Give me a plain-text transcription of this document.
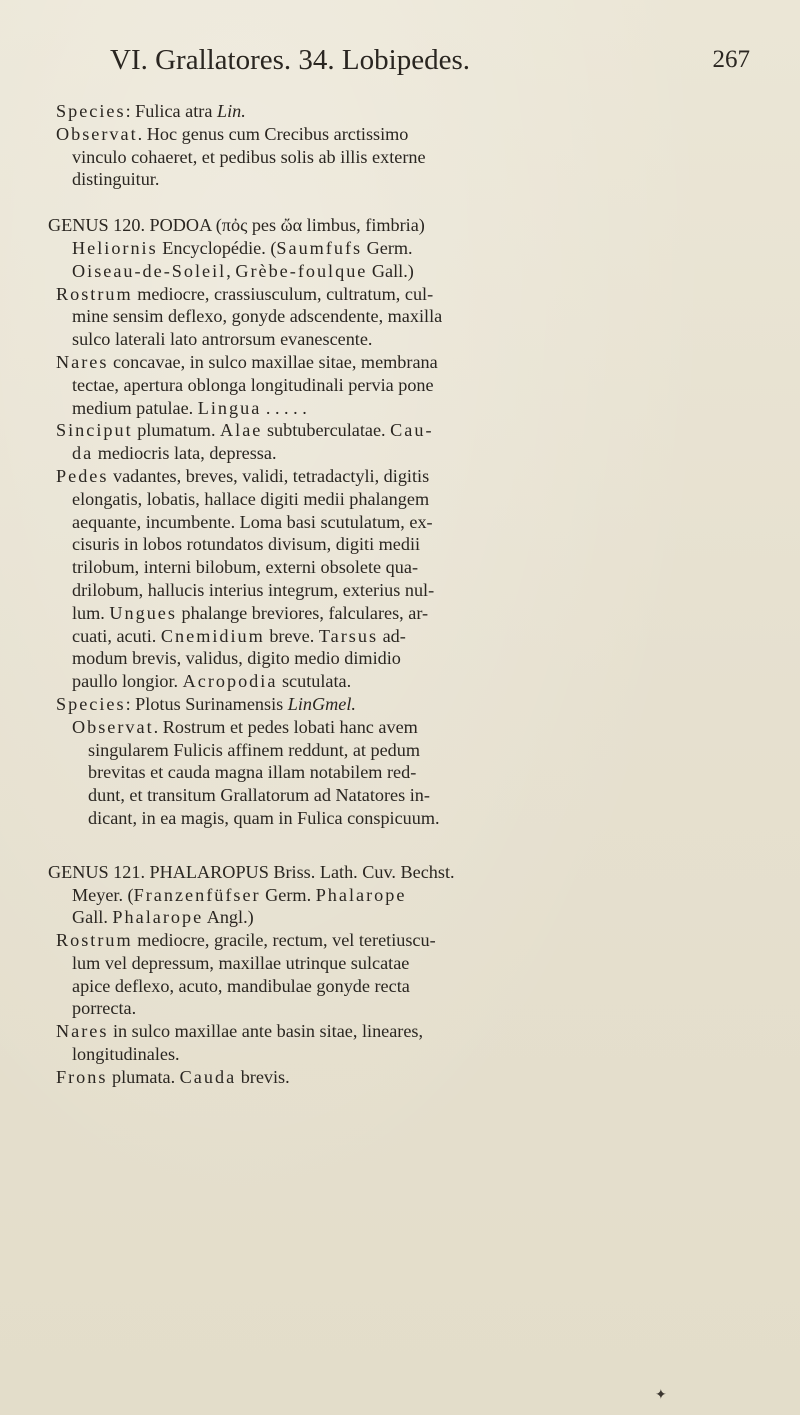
VI. Grallatores. 34. Lobipedes.	267
Species: Fulica atra Lin.
Observat. Hoc genus cum Crecibus arctissimo
vinculo cohaeret, et pedibus solis ab illis externe
distinguitur.
GENUS 120. PODOA (πὀς pes ὤα limbus, fimbria)
Heliornis Encyclopédie. (Saumfufs Germ.
Oiseau-de-Soleil, Grèbe-foulque Gall.)
Rostrum mediocre, crassiusculum, cultratum, cul-
mine sensim deflexo, gonyde adscendente, maxilla
sulco laterali lato antrorsum evanescente.
Nares concavae, in sulco maxillae sitae, membrana
tectae, apertura oblonga longitudinali pervia pone
medium patulae. Lingua . . . . .
Sinciput plumatum. Alae subtuberculatae. Cau-
da mediocris lata, depressa.
Pedes vadantes, breves, validi, tetradactyli, digitis
elongatis, lobatis, hallace digiti medii phalangem
aequante, incumbente. Loma basi scutulatum, ex-
cisuris in lobos rotundatos divisum, digiti medii
trilobum, interni bilobum, externi obsolete qua-
drilobum, hallucis interius integrum, exterius nul-
lum. Ungues phalange breviores, falculares, ar-
cuati, acuti. Cnemidium breve. Tarsus ad-
modum brevis, validus, digito medio dimidio
paullo longior. Acropodia scutulata.
Species: Plotus Surinamensis LinGmel.
Observat. Rostrum et pedes lobati hanc avem
singularem Fulicis affinem reddunt, at pedum
brevitas et cauda magna illam notabilem red-
dunt, et transitum Grallatorum ad Natatores in-
dicant, in ea magis, quam in Fulica conspicuum.
GENUS 121. PHALAROPUS Briss. Lath. Cuv. Bechst.
Meyer. (Franzenfüfser Germ. Phalarope
Gall. Phalarope Angl.)
Rostrum mediocre, gracile, rectum, vel teretiuscu-
lum vel depressum, maxillae utrinque sulcatae
apice deflexo, acuto, mandibulae gonyde recta
porrecta.
Nares in sulco maxillae ante basin sitae, lineares,
longitudinales.
Frons plumata. Cauda brevis.
✦
